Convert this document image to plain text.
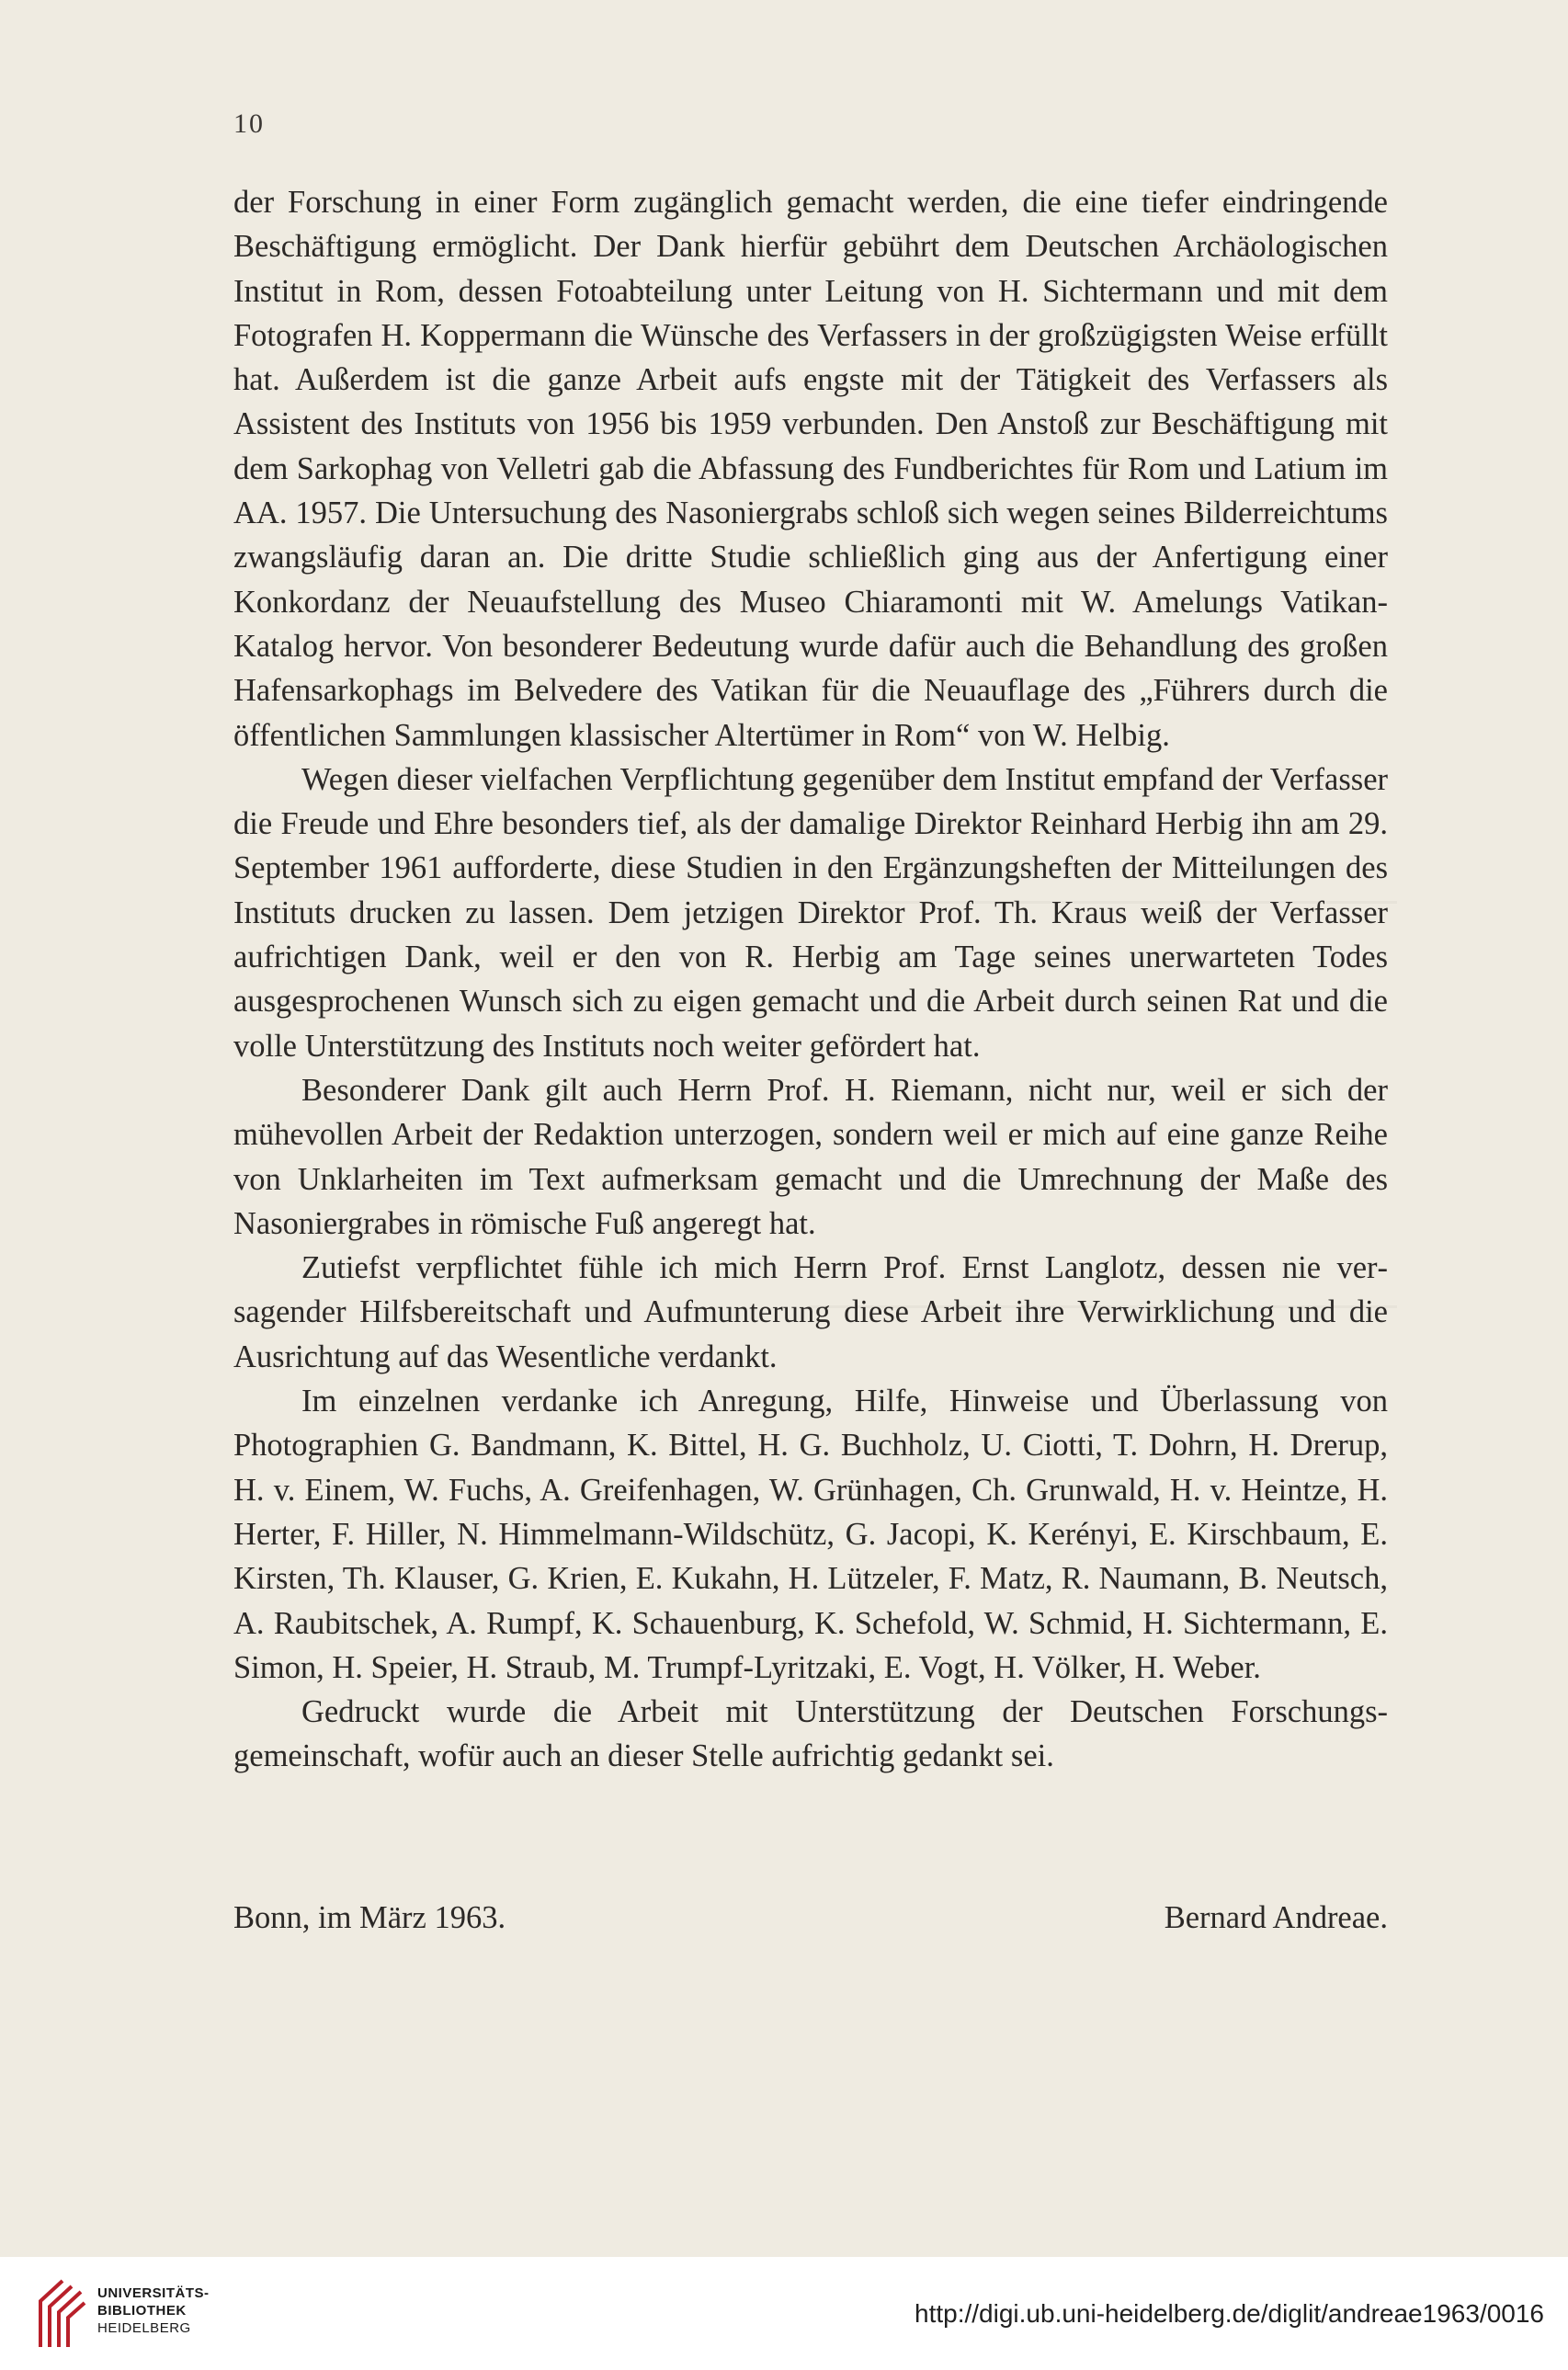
10

der Forschung in einer Form zugänglich gemacht werden, die eine tiefer eindringende Beschäftigung ermöglicht. Der Dank hierfür gebührt dem Deutschen Archäologischen Institut in Rom, dessen Fotoabteilung unter Leitung von H. Sichtermann und mit dem Fotografen H. Koppermann die Wünsche des Verfassers in der großzügigsten Weise erfüllt hat. Außerdem ist die ganze Arbeit aufs engste mit der Tätigkeit des Verfassers als Assistent des Instituts von 1956 bis 1959 verbunden. Den Anstoß zur Beschäftigung mit dem Sarkophag von Velletri gab die Abfassung des Fundberichtes für Rom und Latium im AA. 1957. Die Untersuchung des Nasoniergrabs schloß sich wegen seines Bilderreichtums zwangsläufig daran an. Die dritte Studie schließlich ging aus der Anfertigung einer Konkordanz der Neuaufstellung des Museo Chiaramonti mit W. Amelungs Vatikan-Katalog hervor. Von besonderer Bedeutung wurde dafür auch die Behandlung des großen Hafensarkophags im Belvedere des Vatikan für die Neuauflage des „Führers durch die öffentlichen Sammlungen klassischer Altertümer in Rom“ von W. Helbig.

Wegen dieser vielfachen Verpflichtung gegenüber dem Institut empfand der Verfasser die Freude und Ehre besonders tief, als der damalige Direktor Reinhard Herbig ihn am 29. September 1961 aufforderte, diese Studien in den Ergänzungsheften der Mitteilungen des Instituts drucken zu lassen. Dem jetzigen Direktor Prof. Th. Kraus weiß der Verfasser aufrichtigen Dank, weil er den von R. Herbig am Tage seines unerwarteten Todes ausgesprochenen Wunsch sich zu eigen gemacht und die Arbeit durch seinen Rat und die volle Unterstützung des Instituts noch weiter gefördert hat.

Besonderer Dank gilt auch Herrn Prof. H. Riemann, nicht nur, weil er sich der mühevollen Arbeit der Redaktion unterzogen, sondern weil er mich auf eine ganze Reihe von Unklarheiten im Text aufmerksam gemacht und die Umrechnung der Maße des Nasoniergrabes in römische Fuß angeregt hat.

Zutiefst verpflichtet fühle ich mich Herrn Prof. Ernst Langlotz, dessen nie versagender Hilfsbereitschaft und Aufmunterung diese Arbeit ihre Verwirklichung und die Ausrichtung auf das Wesentliche verdankt.

Im einzelnen verdanke ich Anregung, Hilfe, Hinweise und Überlassung von Photographien G. Bandmann, K. Bittel, H. G. Buchholz, U. Ciotti, T. Dohrn, H. Drerup, H. v. Einem, W. Fuchs, A. Greifenhagen, W. Grünhagen, Ch. Grunwald, H. v. Heintze, H. Herter, F. Hiller, N. Himmelmann-Wildschütz, G. Jacopi, K. Kerényi, E. Kirschbaum, E. Kirsten, Th. Klauser, G. Krien, E. Kukahn, H. Lützeler, F. Matz, R. Naumann, B. Neutsch, A. Raubitschek, A. Rumpf, K. Schauenburg, K. Schefold, W. Schmid, H. Sichtermann, E. Simon, H. Speier, H. Straub, M. Trumpf-Lyritzaki, E. Vogt, H. Völker, H. Weber.

Gedruckt wurde die Arbeit mit Unterstützung der Deutschen Forschungsgemeinschaft, wofür auch an dieser Stelle aufrichtig gedankt sei.

Bonn, im März 1963.	Bernard Andreae.
UNIVERSITÄTS-
BIBLIOTHEK
HEIDELBERG
http://digi.ub.uni-heidelberg.de/diglit/andreae1963/0016
